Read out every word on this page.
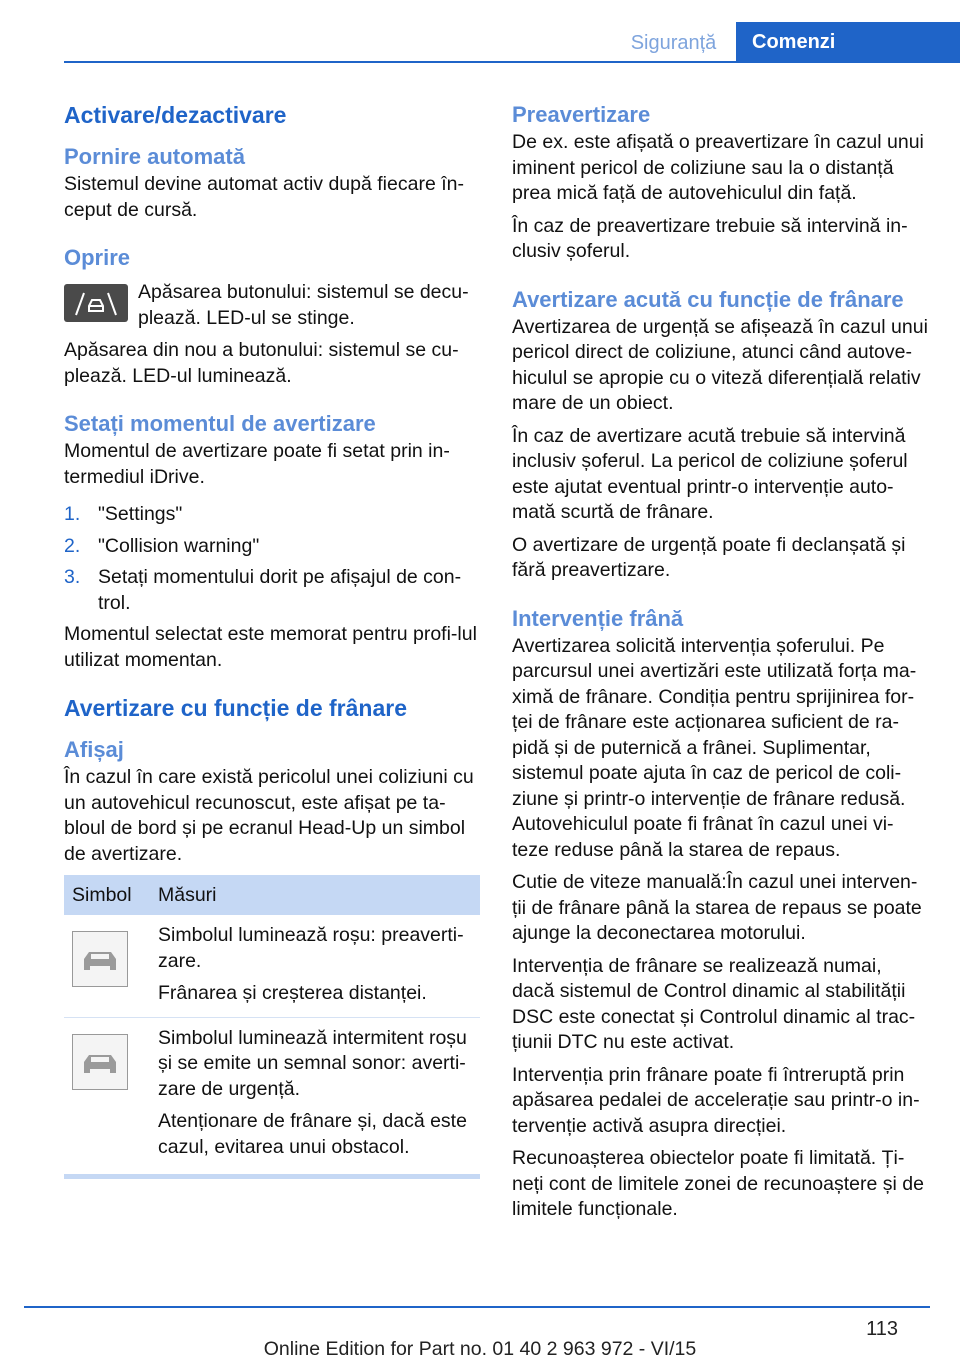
Siguranță	Comenzi
Activare/dezactivare
Pornire automată

Sistemul devine automat activ după fiecare în-ceput de cursă.

Oprire

Apăsarea butonului: sistemul se decu-plează. LED-ul se stinge.

Apăsarea din nou a butonului: sistemul se cu-plează. LED-ul luminează.

Setați momentul de avertizare

Momentul de avertizare poate fi setat prin in-termediul iDrive.

1. "Settings"
2. "Collision warning"
3. Setați momentului dorit pe afișajul de con-trol.

Momentul selectat este memorat pentru profi-lul utilizat momentan.

Avertizare cu funcție de frânare
Afișaj

În cazul în care există pericolul unei coliziuni cu un autovehicul recunoscut, este afișat pe ta-bloul de bord și pe ecranul Head-Up un simbol de avertizare.

Simbol	Măsuri

Simbolul luminează roșu: preaverti-zare.

Frânarea și creșterea distanței.

Simbolul luminează intermitent roșu și se emite un semnal sonor: averti-zare de urgență.

Atenționare de frânare și, dacă este cazul, evitarea unui obstacol.

Preavertizare

De ex. este afișată o preavertizare în cazul unui iminent pericol de coliziune sau la o distanță prea mică față de autovehiculul din față.

În caz de preavertizare trebuie să intervină in-clusiv șoferul.

Avertizare acută cu funcție de frânare

Avertizarea de urgență se afișează în cazul unui pericol direct de coliziune, atunci când autove-hiculul se apropie cu o viteză diferențială relativ mare de un obiect.

În caz de avertizare acută trebuie să intervină inclusiv șoferul. La pericol de coliziune șoferul este ajutat eventual printr-o intervenție auto-mată scurtă de frânare.

O avertizare de urgență poate fi declanșată și fără preavertizare.

Intervenție frână

Avertizarea solicită intervenția șoferului. Pe parcursul unei avertizări este utilizată forța ma-ximă de frânare. Condiția pentru sprijinirea for-ței de frânare este acționarea suficient de ra-pidă și de puternică a frânei. Suplimentar, sistemul poate ajuta în caz de pericol de coli-ziune și printr-o intervenție de frânare redusă. Autovehiculul poate fi frânat în cazul unei vi-teze reduse până la starea de repaus.

Cutie de viteze manuală:În cazul unei interven-ții de frânare până la starea de repaus se poate ajunge la deconectarea motorului.

Intervenția de frânare se realizează numai, dacă sistemul de Control dinamic al stabilității DSC este conectat și Controlul dinamic al trac-țiunii DTC nu este activat.

Intervenția prin frânare poate fi întreruptă prin apăsarea pedalei de accelerație sau printr-o in-tervenție activă asupra direcției.

Recunoașterea obiectelor poate fi limitată. Ți-neți cont de limitele zonei de recunoaștere și de limitele funcționale.

113
Online Edition for Part no. 01 40 2 963 972 - VI/15
